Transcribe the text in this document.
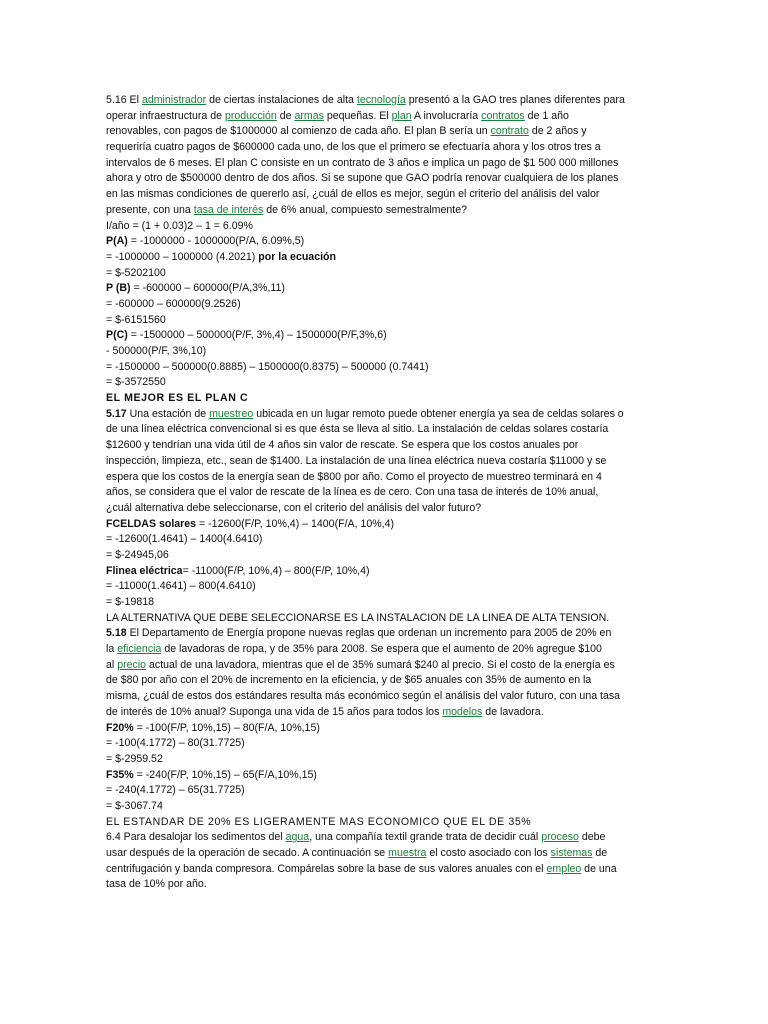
5.16 El administrador de ciertas instalaciones de alta tecnología presentó a la GAO tres planes diferentes para
operar infraestructura de producción de armas pequeñas. El plan A involucraría contratos de 1 año
renovables, con pagos de $1000000 al comienzo de cada año. El plan B sería un contrato de 2 años y
requeriría cuatro pagos de $600000 cada uno, de los que el primero se efectuaría ahora y los otros tres a
intervalos de 6 meses. El plan C consiste en un contrato de 3 años e implica un pago de $1 500 000 millones
ahora y otro de $500000 dentro de dos años. Si se supone que GAO podría renovar cualquiera de los planes
en las mismas condiciones de quererlo así, ¿cuál de ellos es mejor, según el criterio del análisis del valor
presente, con una tasa de interés de 6% anual, compuesto semestralmente?
I/año = (1 + 0.03)2 – 1 = 6.09%
P(A) = -1000000 - 1000000(P/A, 6.09%,5)
= -1000000 – 1000000 (4.2021) por la ecuación
= $-5202100
P (B) = -600000 – 600000(P/A,3%,11)
= -600000 – 600000(9.2526)
= $-6151560
P(C) = -1500000 – 500000(P/F, 3%,4) – 1500000(P/F,3%,6)
- 500000(P/F, 3%,10)
= -1500000 – 500000(0.8885) – 1500000(0.8375) – 500000 (0.7441)
= $-3572550
EL MEJOR ES EL PLAN C
5.17 Una estación de muestreo ubicada en un lugar remoto puede obtener energía ya sea de celdas solares o
de una línea eléctrica convencional si es que ésta se lleva al sitio. La instalación de celdas solares costaría
$12600 y tendrían una vida útil de 4 años sin valor de rescate. Se espera que los costos anuales por
inspección, limpieza, etc., sean de $1400. La instalación de una línea eléctrica nueva costaría $11000 y se
espera que los costos de la energía sean de $800 por año. Como el proyecto de muestreo terminará en 4
años, se considera que el valor de rescate de la línea es de cero. Con una tasa de interés de 10% anual,
¿cuál alternativa debe seleccionarse, con el criterio del análisis del valor futuro?
FCELDAS solares = -12600(F/P, 10%,4) – 1400(F/A, 10%,4)
= -12600(1.4641) – 1400(4.6410)
= $-24945,06
Flinea eléctrica= -11000(F/P, 10%,4) – 800(F/P, 10%,4)
= -11000(1.4641) – 800(4.6410)
= $-19818
LA ALTERNATIVA QUE DEBE SELECCIONARSE ES LA INSTALACION DE LA LINEA DE ALTA TENSION.
5.18 El Departamento de Energía propone nuevas reglas que ordenan un incremento para 2005 de 20% en
la eficiencia de lavadoras de ropa, y de 35% para 2008. Se espera que el aumento de 20% agregue $100
al precio actual de una lavadora, mientras que el de 35% sumará $240 al precio. Si el costo de la energía es
de $80 por año con el 20% de incremento en la eficiencia, y de $65 anuales con 35% de aumento en la
misma, ¿cuál de estos dos estándares resulta más económico según el análisis del valor futuro, con una tasa
de interés de 10% anual? Suponga una vida de 15 años para todos los modelos de lavadora.
F20% = -100(F/P, 10%,15) – 80(F/A, 10%,15)
= -100(4.1772) – 80(31.7725)
= $-2959.52
F35% = -240(F/P, 10%,15) – 65(F/A,10%,15)
= -240(4.1772) – 65(31.7725)
= $-3067.74
EL ESTANDAR DE 20% ES LIGERAMENTE MAS ECONOMICO QUE EL DE 35%
6.4 Para desalojar los sedimentos del agua, una compañía textil grande trata de decidir cuál proceso debe
usar después de la operación de secado. A continuación se muestra el costo asociado con los sistemas de
centrifugación y banda compresora. Compárelas sobre la base de sus valores anuales con el empleo de una
tasa de 10% por año.
